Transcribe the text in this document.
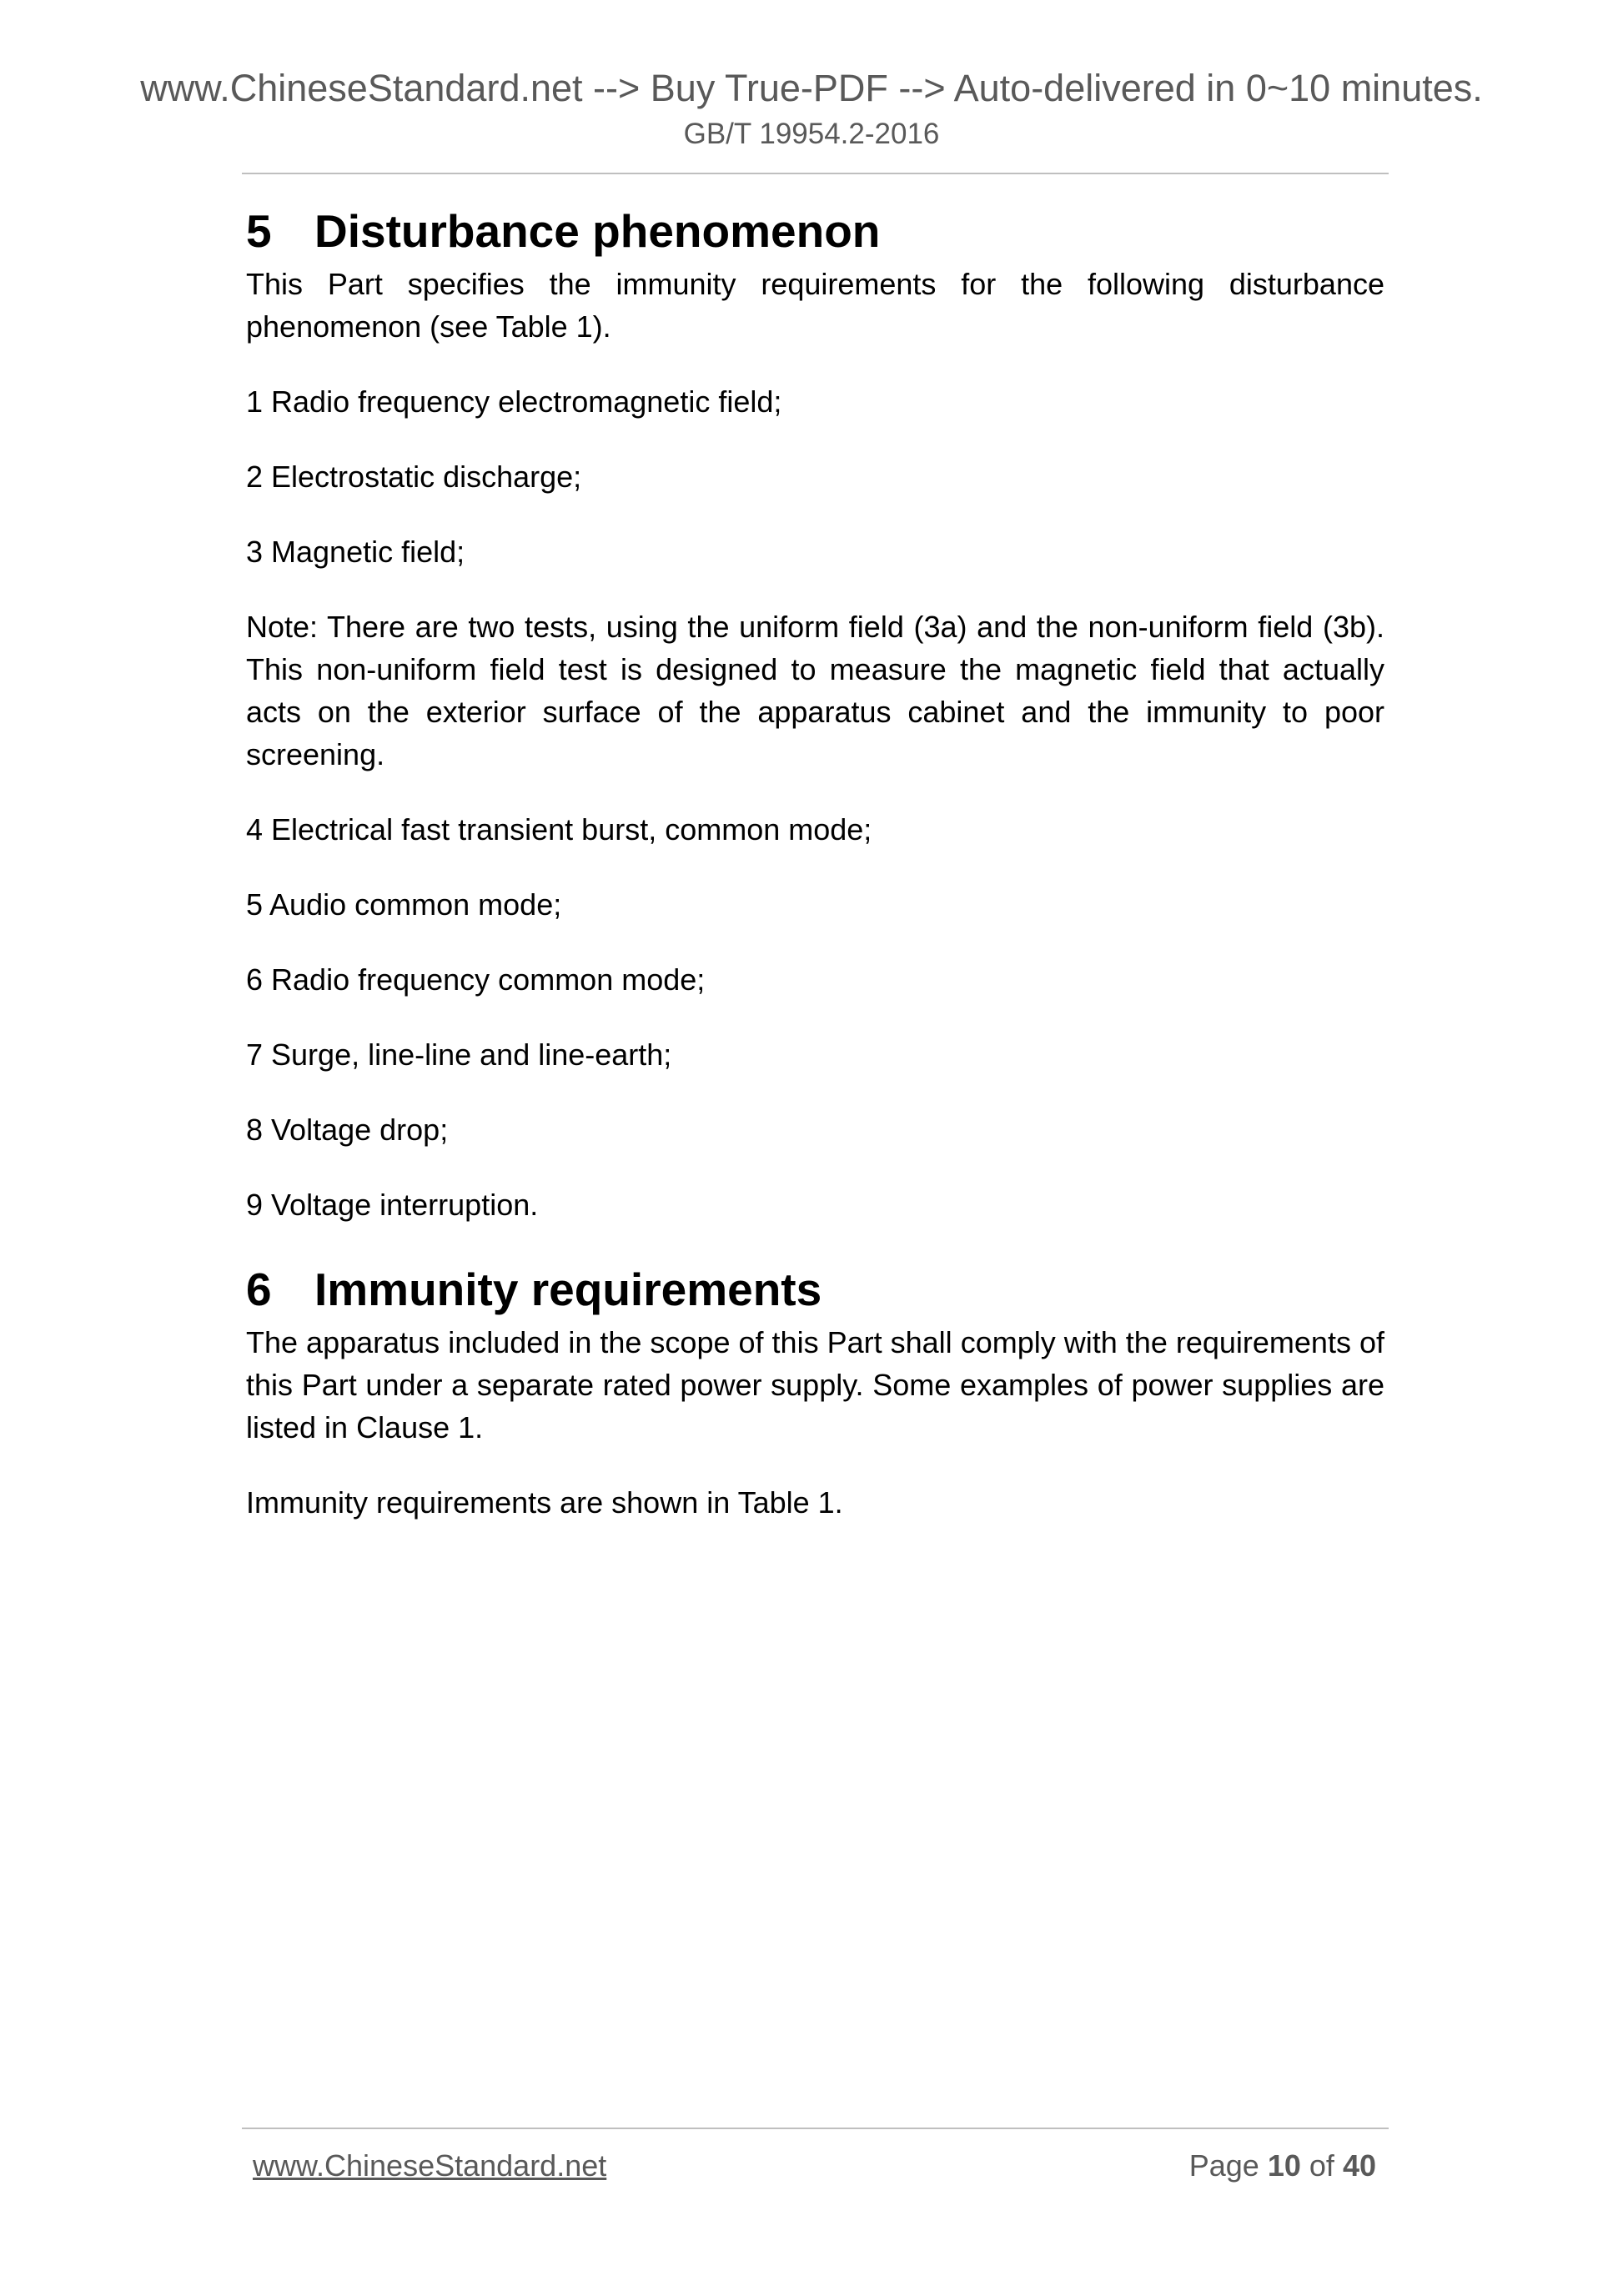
www.ChineseStandard.net --> Buy True-PDF --> Auto-delivered in 0~10 minutes.
GB/T 19954.2-2016
5 Disturbance phenomenon

This Part specifies the immunity requirements for the following disturbance phenomenon (see Table 1).

1 Radio frequency electromagnetic field;
2 Electrostatic discharge;
3 Magnetic field;

Note: There are two tests, using the uniform field (3a) and the non-uniform field (3b). This non-uniform field test is designed to measure the magnetic field that actually acts on the exterior surface of the apparatus cabinet and the immunity to poor screening.

4 Electrical fast transient burst, common mode;
5 Audio common mode;
6 Radio frequency common mode;
7 Surge, line-line and line-earth;
8 Voltage drop;
9 Voltage interruption.
6 Immunity requirements

The apparatus included in the scope of this Part shall comply with the requirements of this Part under a separate rated power supply. Some examples of power supplies are listed in Clause 1.

Immunity requirements are shown in Table 1.

www.ChineseStandard.net	Page 10 of 40
